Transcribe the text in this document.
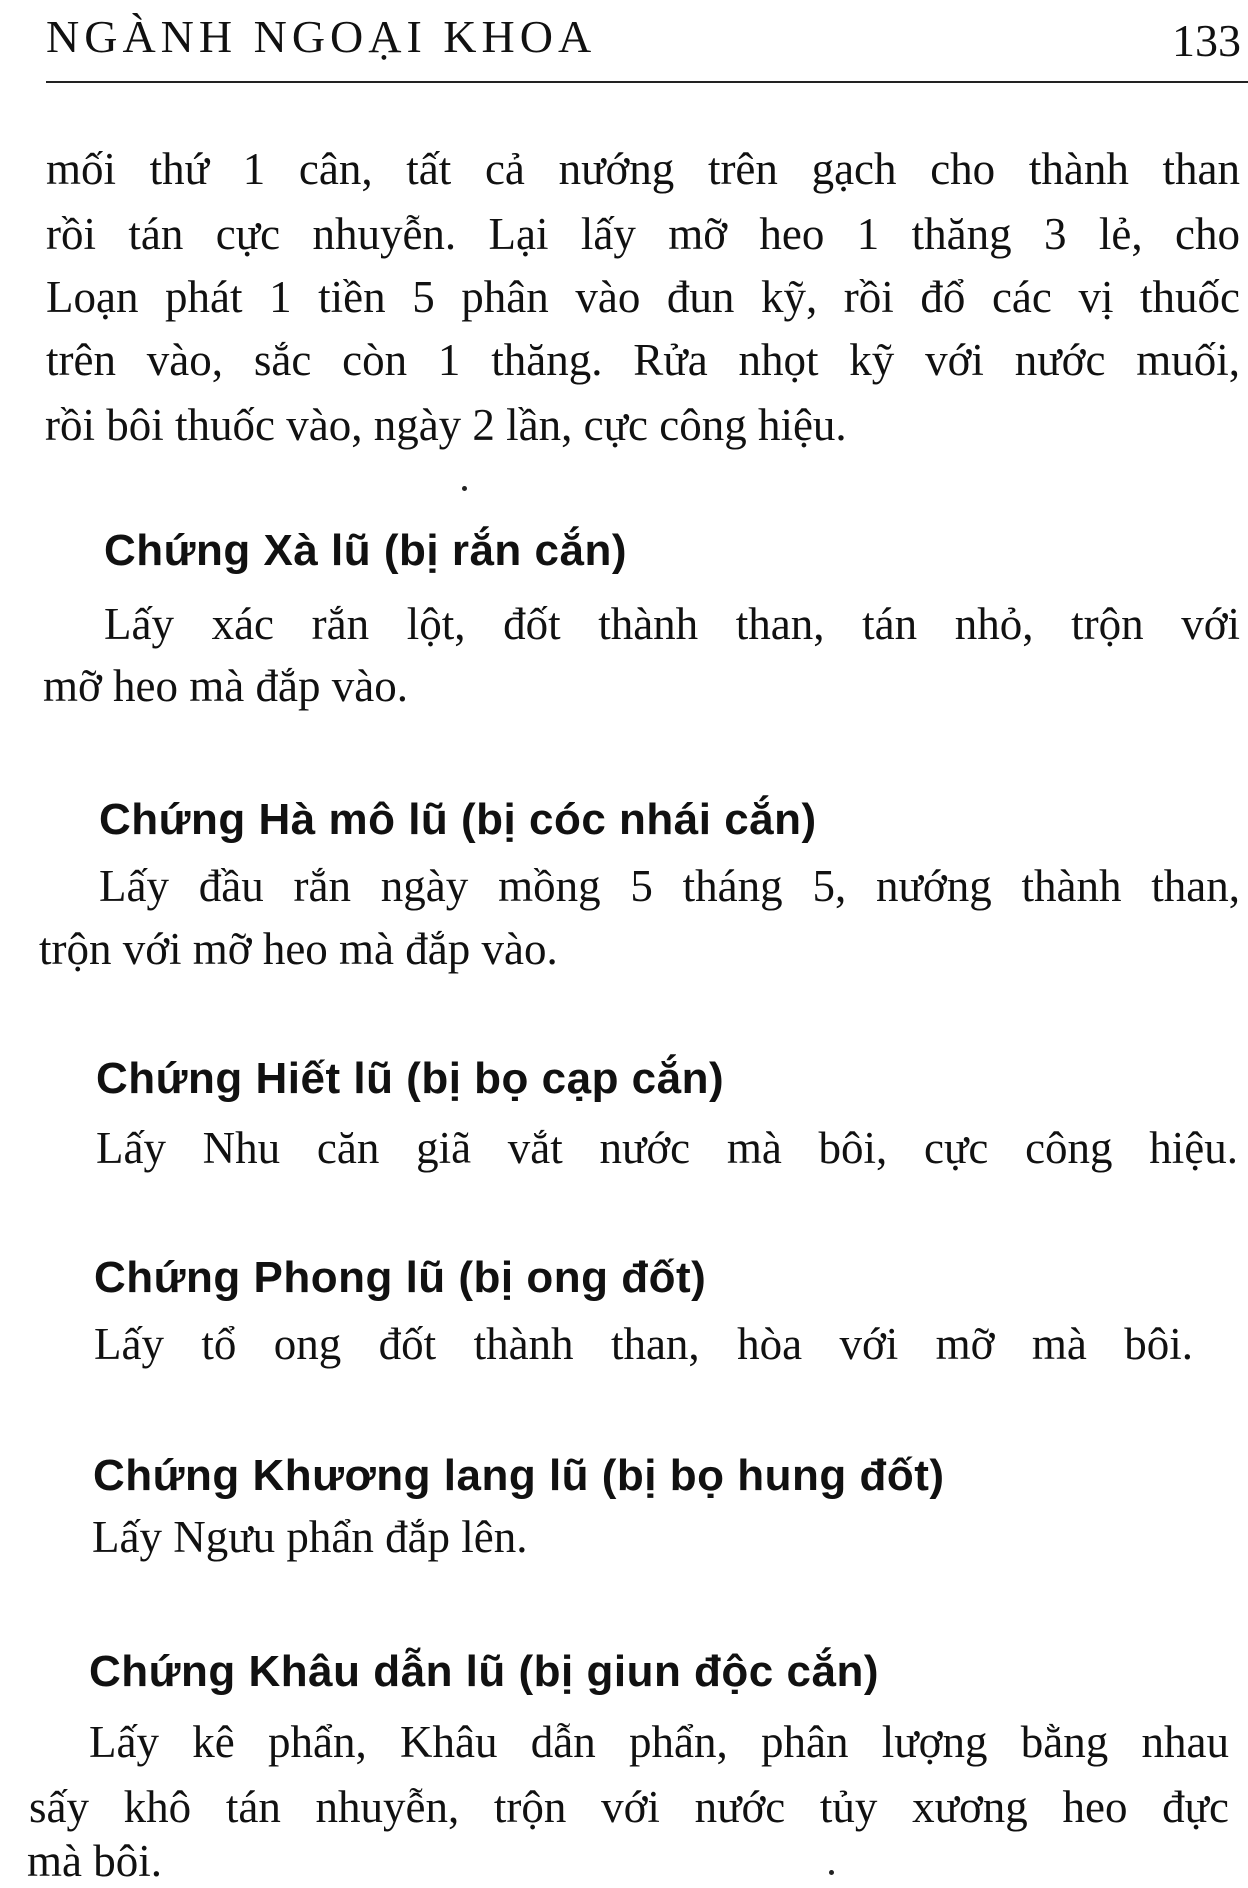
NGÀNH NGOẠI KHOA	133
mối thứ 1 cân, tất cả nướng trên gạch cho thành than
rồi tán cực nhuyễn. Lại lấy mỡ heo 1 thăng 3 lẻ, cho
Loạn phát 1 tiền 5 phân vào đun kỹ, rồi đổ các vị thuốc
trên vào, sắc còn 1 thăng. Rửa nhọt kỹ với nước muối,
rồi bôi thuốc vào, ngày 2 lần, cực công hiệu.
Chứng Xà lũ (bị rắn cắn)
Lấy xác rắn lột, đốt thành than, tán nhỏ, trộn với
mỡ heo mà đắp vào.
Chứng Hà mô lũ (bị cóc nhái cắn)
Lấy đầu rắn ngày mồng 5 tháng 5, nướng thành than,
trộn với mỡ heo mà đắp vào.
Chứng Hiết lũ (bị bọ cạp cắn)
Lấy Nhu căn giã vắt nước mà bôi, cực công hiệu.
Chứng Phong lũ (bị ong đốt)
Lấy tổ ong đốt thành than, hòa với mỡ mà bôi.
Chứng Khương lang lũ (bị bọ hung đốt)
Lấy Ngưu phẩn đắp lên.
Chứng Khâu dẫn lũ (bị giun độc cắn)
Lấy kê phẩn, Khâu dẫn phẩn, phân lượng bằng nhau
sấy khô tán nhuyễn, trộn với nước tủy xương heo đực
mà bôi.
